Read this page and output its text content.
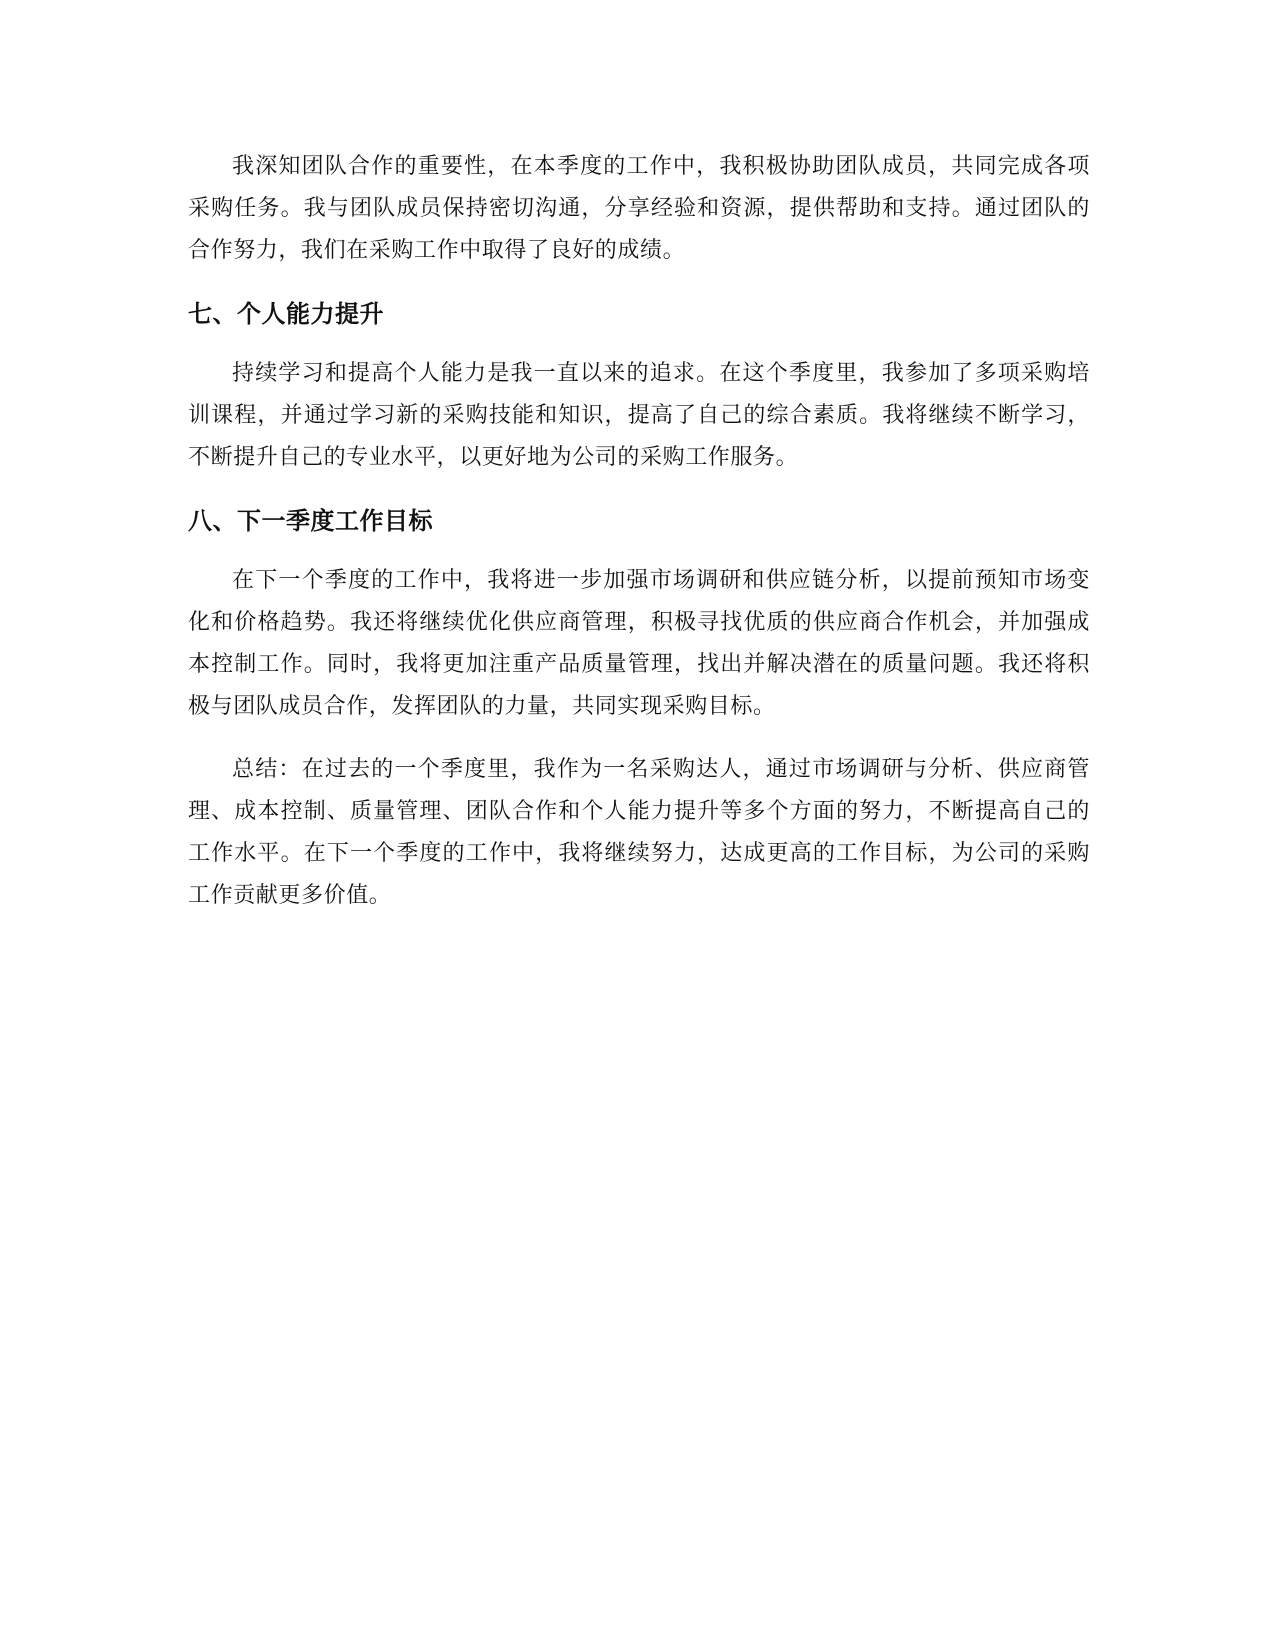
我深知团队合作的重要性，在本季度的工作中，我积极协助团队成员，共同完成各项采购任务。我与团队成员保持密切沟通，分享经验和资源，提供帮助和支持。通过团队的合作努力，我们在采购工作中取得了良好的成绩。

七、个人能力提升

持续学习和提高个人能力是我一直以来的追求。在这个季度里，我参加了多项采购培训课程，并通过学习新的采购技能和知识，提高了自己的综合素质。我将继续不断学习，不断提升自己的专业水平，以更好地为公司的采购工作服务。

八、下一季度工作目标

在下一个季度的工作中，我将进一步加强市场调研和供应链分析，以提前预知市场变化和价格趋势。我还将继续优化供应商管理，积极寻找优质的供应商合作机会，并加强成本控制工作。同时，我将更加注重产品质量管理，找出并解决潜在的质量问题。我还将积极与团队成员合作，发挥团队的力量，共同实现采购目标。

总结：在过去的一个季度里，我作为一名采购达人，通过市场调研与分析、供应商管理、成本控制、质量管理、团队合作和个人能力提升等多个方面的努力，不断提高自己的工作水平。在下一个季度的工作中，我将继续努力，达成更高的工作目标，为公司的采购工作贡献更多价值。
